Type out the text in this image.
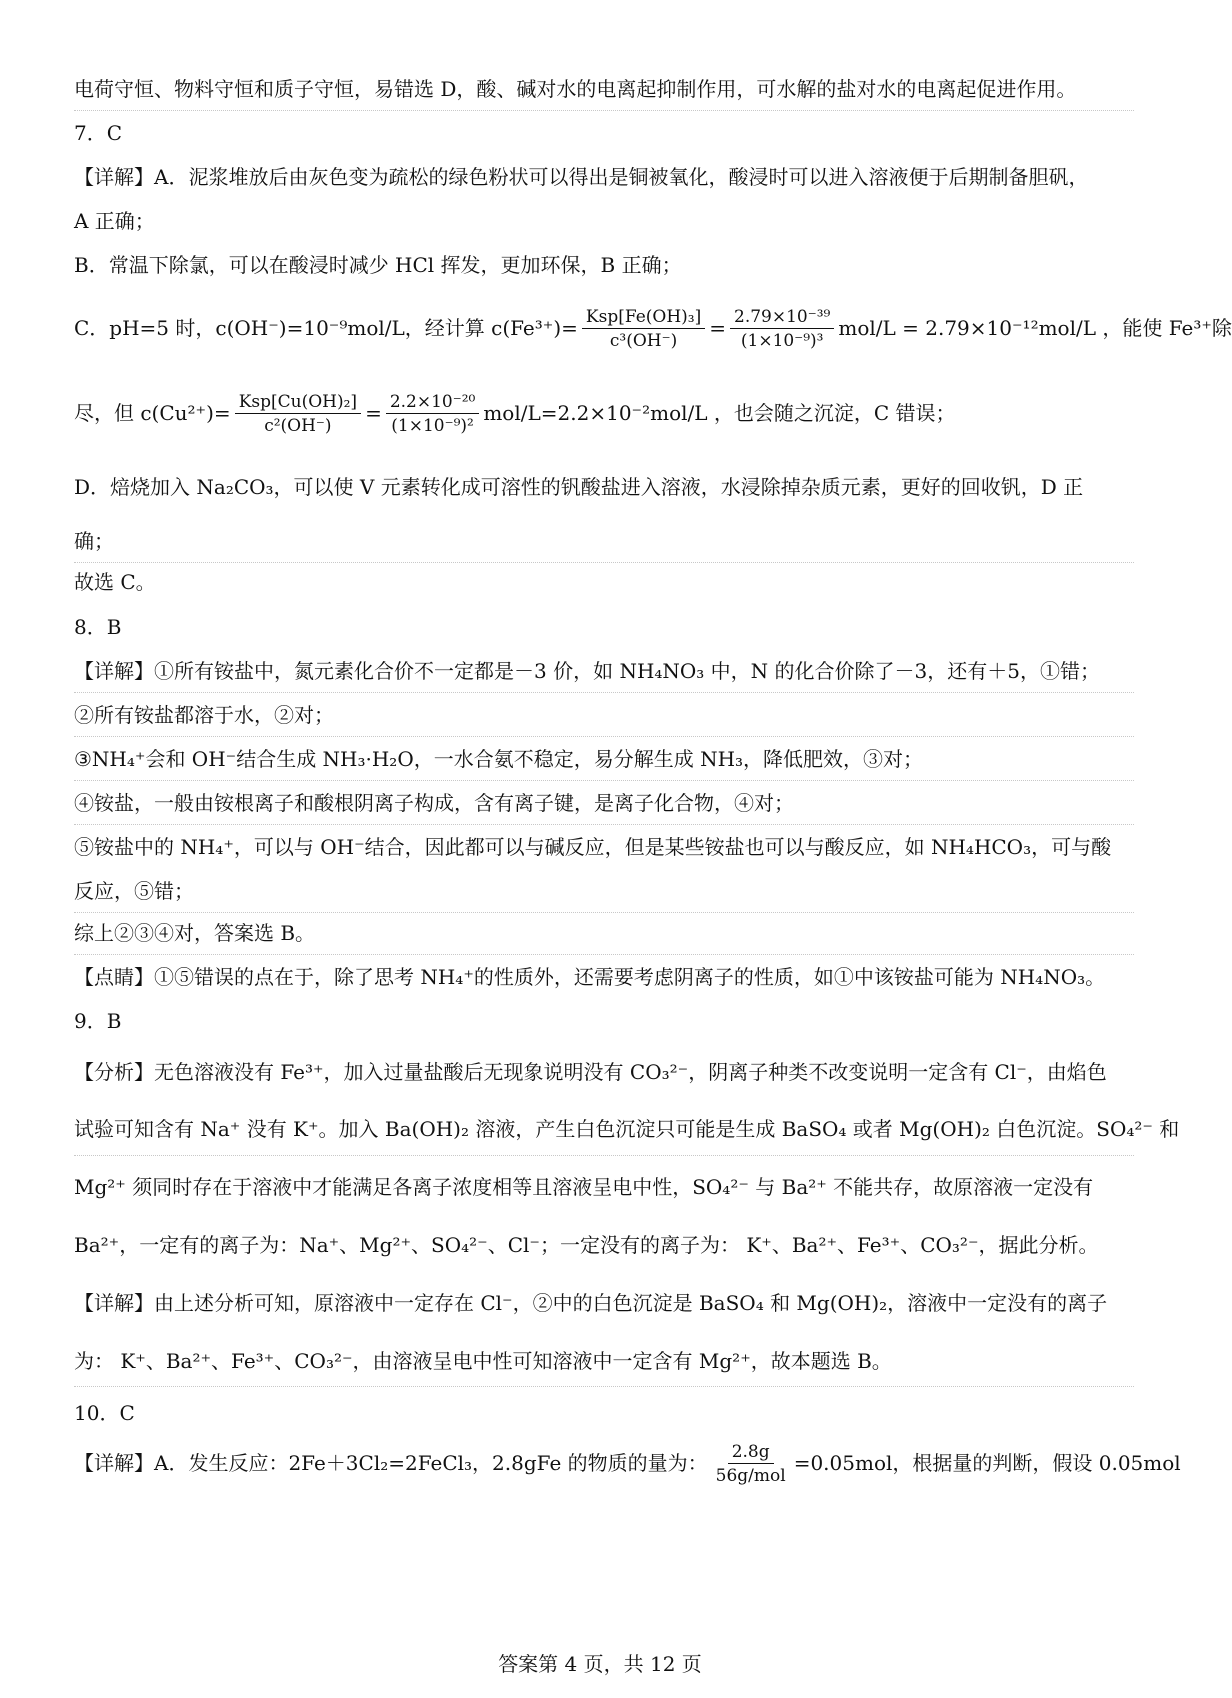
电荷守恒、物料守恒和质子守恒，易错选 D，酸、碱对水的电离起抑制作用，可水解的盐对水的电离起促进作用。
7．C
【详解】A．泥浆堆放后由灰色变为疏松的绿色粉状可以得出是铜被氧化，酸浸时可以进入溶液便于后期制备胆矾，
A 正确；
B．常温下除氯，可以在酸浸时减少 HCl 挥发，更加环保，B 正确；
C．pH=5 时，c(OH⁻)=10⁻⁹mol/L，经计算 $c(Fe^{3+})= \frac{\text{Ksp[Fe(OH)₃]}}{\text{c³(OH⁻)}} = \frac{\text{2.79×10⁻³⁹}}{\text{(1×10⁻⁹)³}} mol/L = 2.79\times 10^{-12}mol/L$ ，能使 Fe³⁺除
尽，但 $c(Cu^{2+})= \frac{\text{Ksp[Cu(OH)₂]}}{\text{c²(OH⁻)}} = \frac{\text{2.2×10⁻²⁰}}{\text{(1×10⁻⁹)²}} mol/L=2.2\times 10^{-2}mol/L$ ，也会随之沉淀，C 错误；
D．焙烧加入 Na₂CO₃，可以使 V 元素转化成可溶性的钒酸盐进入溶液，水浸除掉杂质元素，更好的回收钒，D 正
确；
故选 C。
8．B
【详解】①所有铵盐中，氮元素化合价不一定都是－3 价，如 NH₄NO₃ 中，N 的化合价除了－3，还有＋5，①错；
②所有铵盐都溶于水，②对；
③NH₄⁺会和 OH⁻结合生成 NH₃·H₂O，一水合氨不稳定，易分解生成 NH₃，降低肥效，③对；
④铵盐，一般由铵根离子和酸根阴离子构成，含有离子键，是离子化合物，④对；
⑤铵盐中的 NH₄⁺，可以与 OH⁻结合，因此都可以与碱反应，但是某些铵盐也可以与酸反应，如 NH₄HCO₃，可与酸
反应，⑤错；
综上②③④对，答案选 B。
【点睛】①⑤错误的点在于，除了思考 NH₄⁺的性质外，还需要考虑阴离子的性质，如①中该铵盐可能为 NH₄NO₃。
9．B
【分析】无色溶液没有 Fe³⁺，加入过量盐酸后无现象说明没有 CO₃²⁻，阴离子种类不改变说明一定含有 Cl⁻，由焰色
试验可知含有 Na⁺ 没有 K⁺。加入 Ba(OH)₂ 溶液，产生白色沉淀只可能是生成 BaSO₄ 或者 Mg(OH)₂ 白色沉淀。SO₄²⁻ 和
Mg²⁺ 须同时存在于溶液中才能满足各离子浓度相等且溶液呈电中性，SO₄²⁻ 与 Ba²⁺ 不能共存，故原溶液一定没有
Ba²⁺，一定有的离子为：Na⁺、Mg²⁺、SO₄²⁻、Cl⁻；一定没有的离子为： K⁺、Ba²⁺、Fe³⁺、CO₃²⁻，据此分析。
【详解】由上述分析可知，原溶液中一定存在 Cl⁻，②中的白色沉淀是 BaSO₄ 和 Mg(OH)₂，溶液中一定没有的离子
为： K⁺、Ba²⁺、Fe³⁺、CO₃²⁻，由溶液呈电中性可知溶液中一定含有 Mg²⁺，故本题选 B。
10．C
【详解】A．发生反应：2Fe＋3Cl₂=2FeCl₃，2.8gFe 的物质的量为： $\frac{2.8g}{\text{56g/mol}} =0.05mol$，根据量的判断，假设 0.05mol
答案第 4 页，共 12 页
